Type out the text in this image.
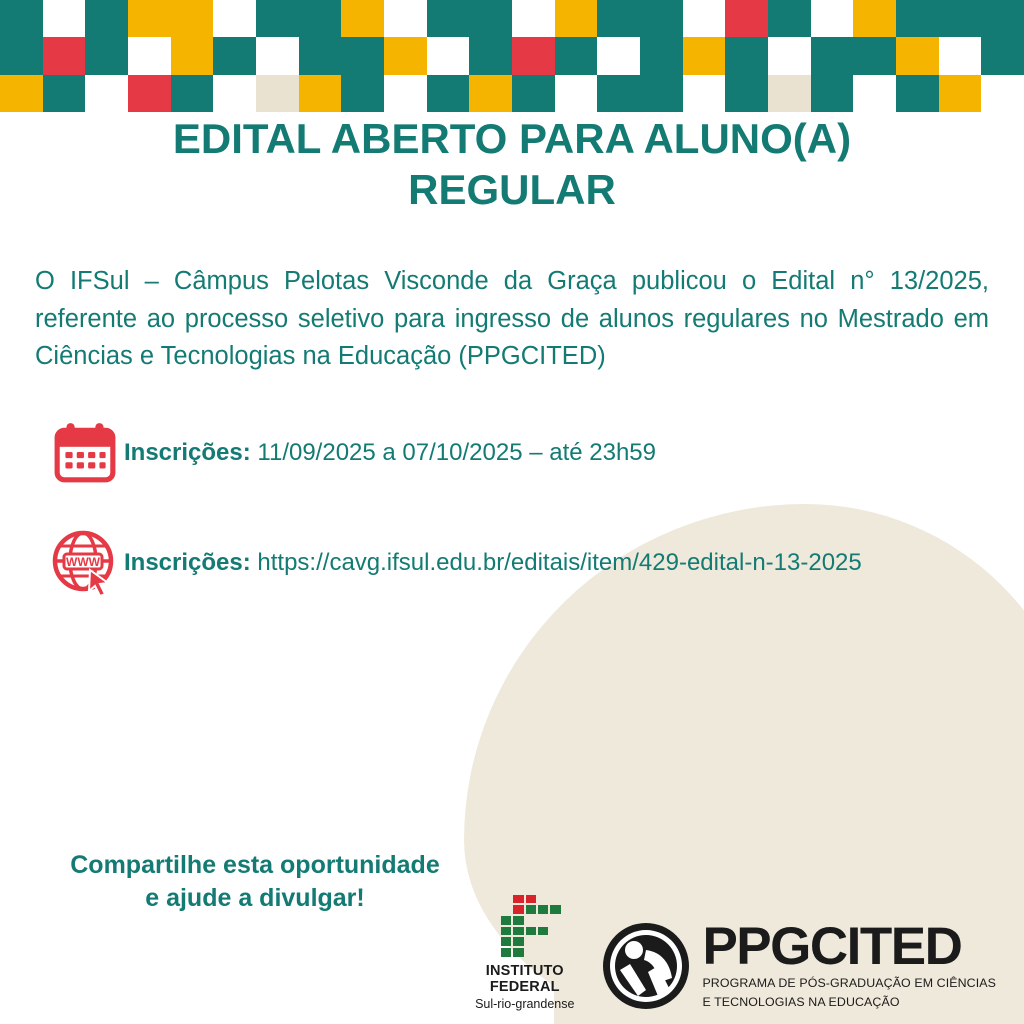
EDITAL ABERTO PARA ALUNO(A) REGULAR
O IFSul – Câmpus Pelotas Visconde da Graça publicou o Edital n° 13/2025, referente ao processo seletivo para ingresso de alunos regulares no Mestrado em Ciências e Tecnologias na Educação (PPGCITED)
Inscrições: 11/09/2025 a 07/10/2025 – até 23h59
WWW Inscrições: https://cavg.ifsul.edu.br/editais/item/429-edital-n-13-2025
Compartilhe esta oportunidade
e ajude a divulgar!
INSTITUTO
FEDERAL
Sul-rio-grandense
PPGCITED
PROGRAMA DE PÓS-GRADUAÇÃO EM CIÊNCIAS
E TECNOLOGIAS NA EDUCAÇÃO
